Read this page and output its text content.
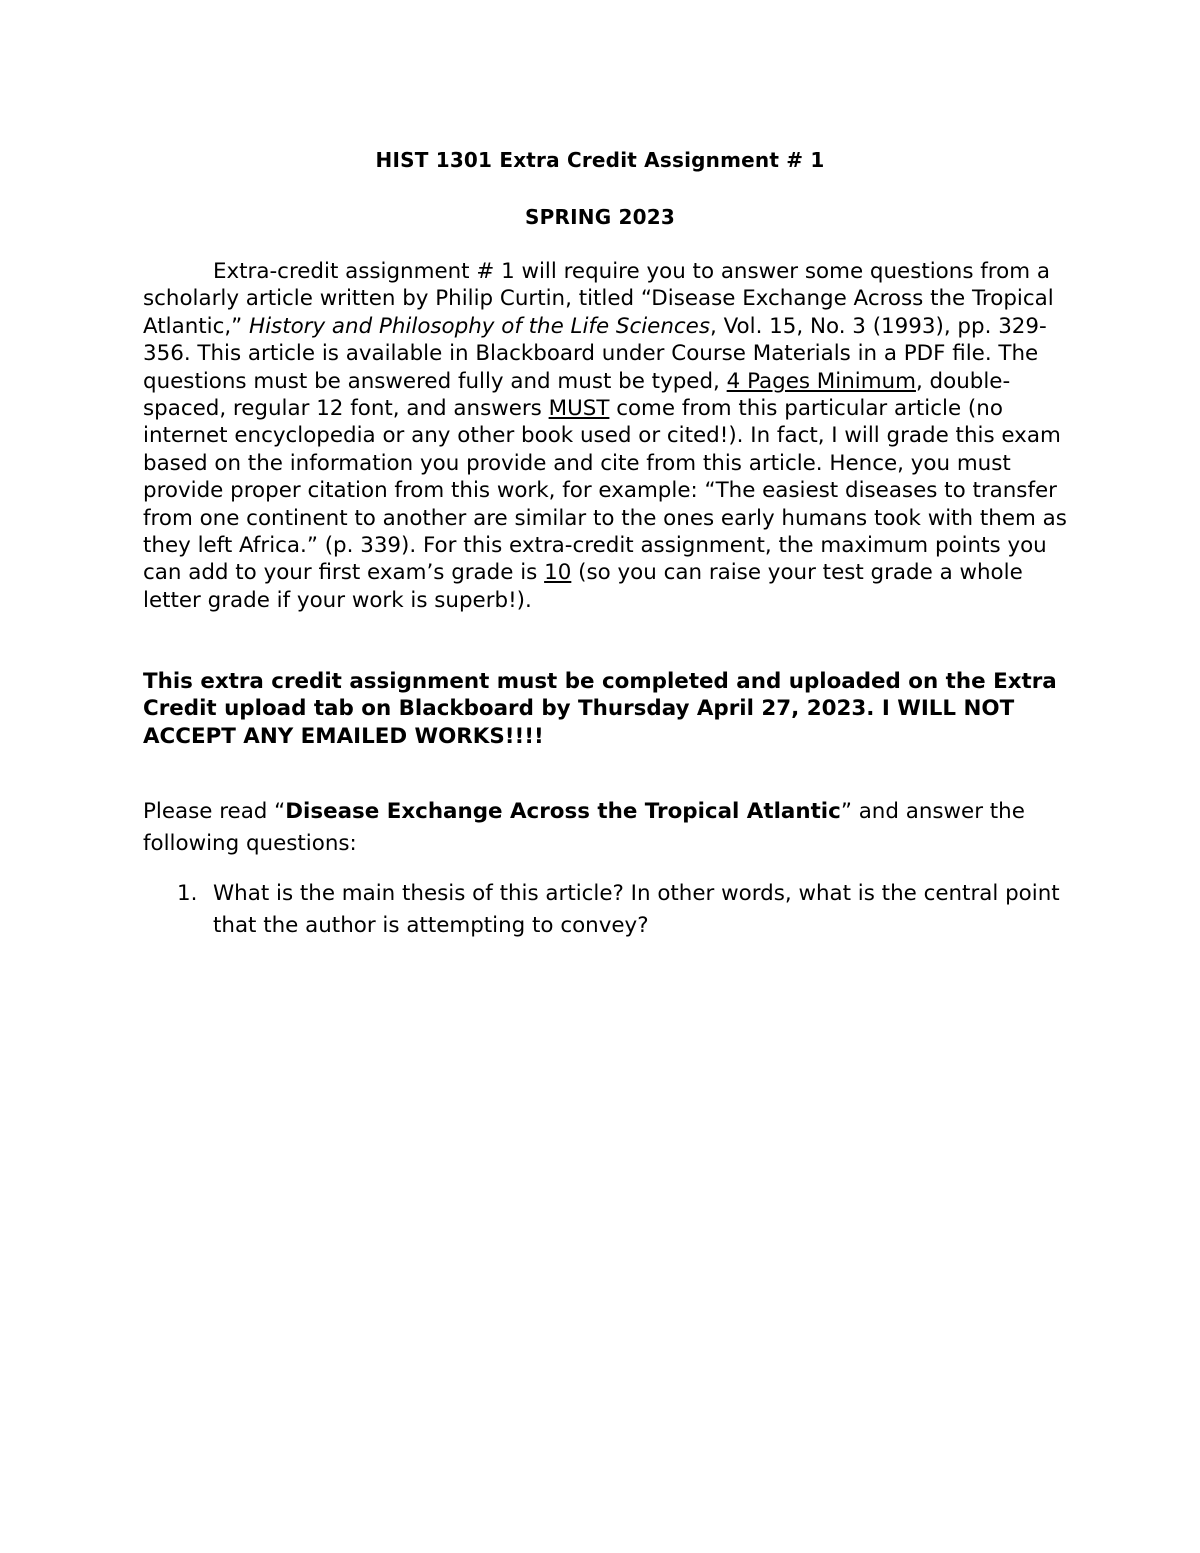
HIST 1301 Extra Credit Assignment # 1
SPRING 2023

Extra-credit assignment # 1 will require you to answer some questions from a scholarly article written by Philip Curtin, titled “Disease Exchange Across the Tropical Atlantic,” History and Philosophy of the Life Sciences, Vol. 15, No. 3 (1993), pp. 329-356. This article is available in Blackboard under Course Materials in a PDF file. The questions must be answered fully and must be typed, 4 Pages Minimum, double-spaced, regular 12 font, and answers MUST come from this particular article (no internet encyclopedia or any other book used or cited!). In fact, I will grade this exam based on the information you provide and cite from this article. Hence, you must provide proper citation from this work, for example: “The easiest diseases to transfer from one continent to another are similar to the ones early humans took with them as they left Africa.” (p. 339). For this extra-credit assignment, the maximum points you can add to your first exam’s grade is 10 (so you can raise your test grade a whole letter grade if your work is superb!).

This extra credit assignment must be completed and uploaded on the Extra Credit upload tab on Blackboard by Thursday April 27, 2023. I WILL NOT ACCEPT ANY EMAILED WORKS!!!!

Please read “Disease Exchange Across the Tropical Atlantic” and answer the following questions:

1. What is the main thesis of this article? In other words, what is the central point that the author is attempting to convey?
